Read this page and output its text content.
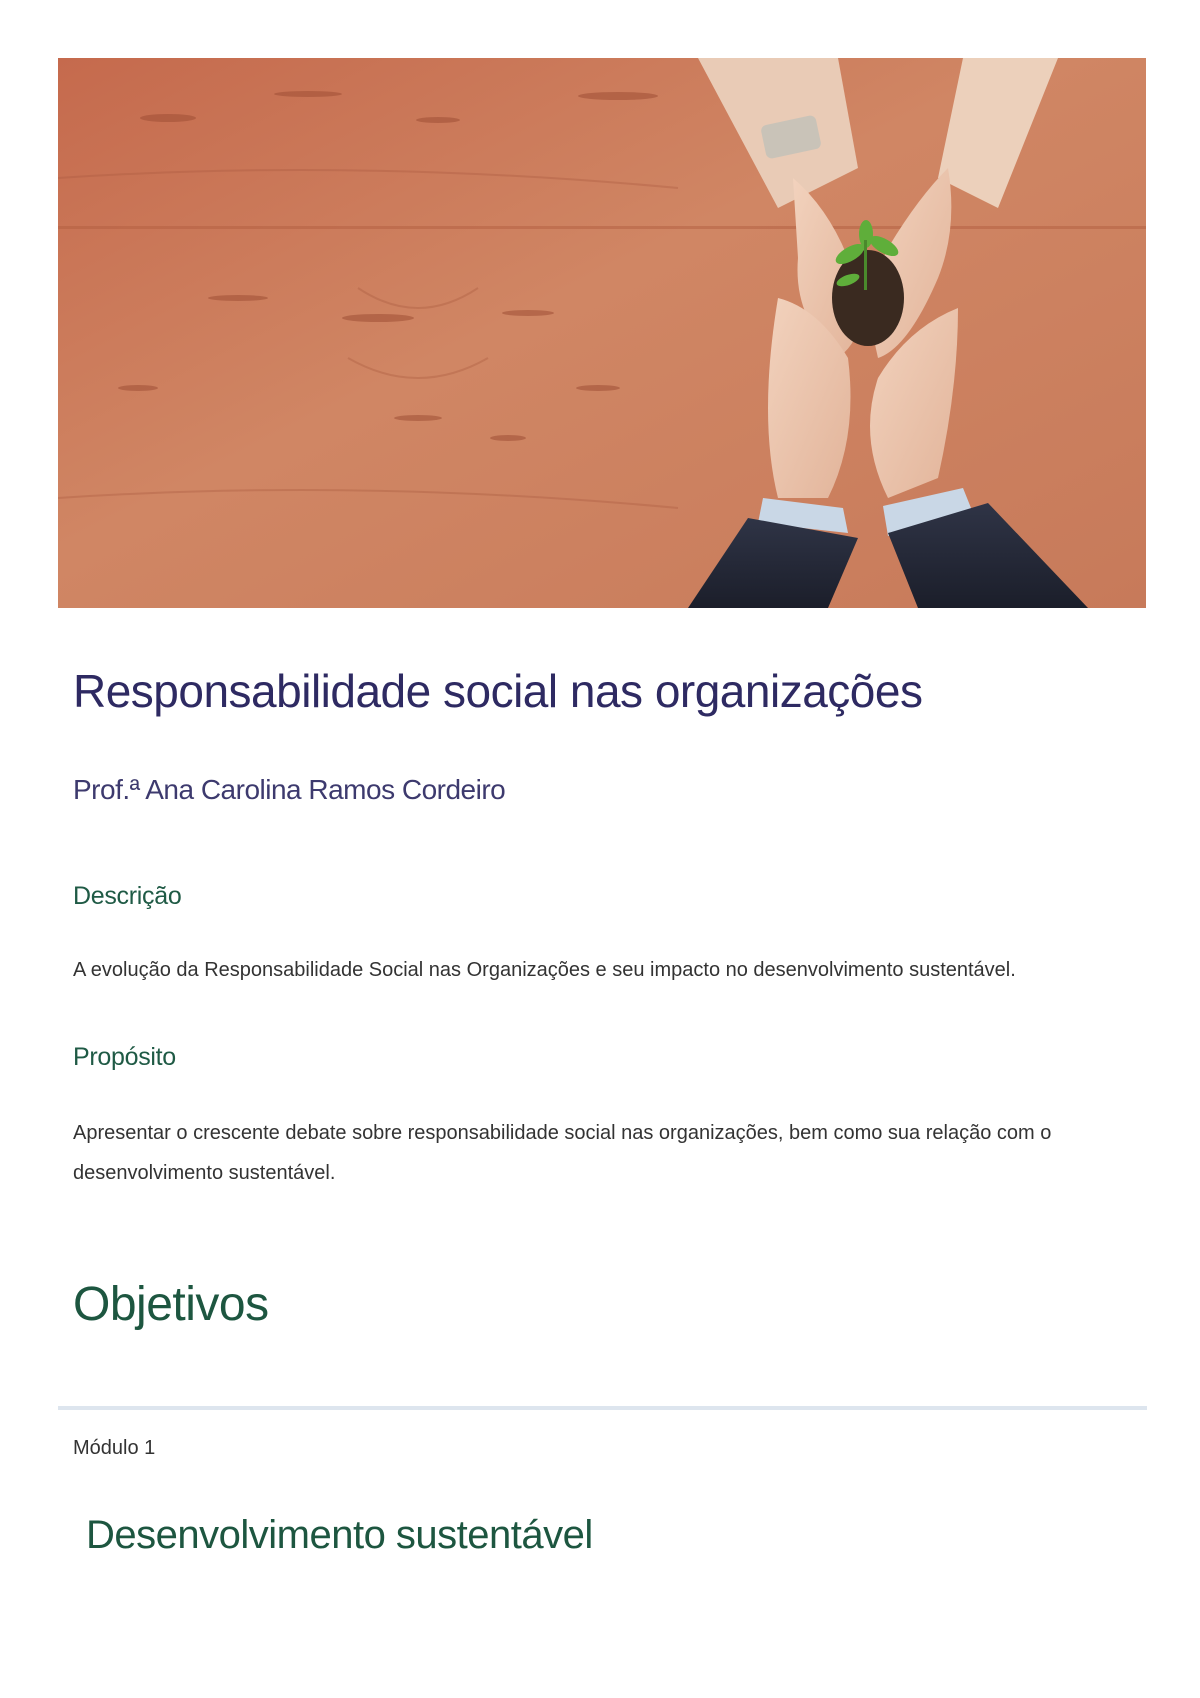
Responsabilidade social nas organizações

Prof.ª Ana Carolina Ramos Cordeiro

Descrição

A evolução da Responsabilidade Social nas Organizações e seu impacto no desenvolvimento sustentável.

Propósito

Apresentar o crescente debate sobre responsabilidade social nas organizações, bem como sua relação com o desenvolvimento sustentável.

Objetivos

Módulo 1

Desenvolvimento sustentável
